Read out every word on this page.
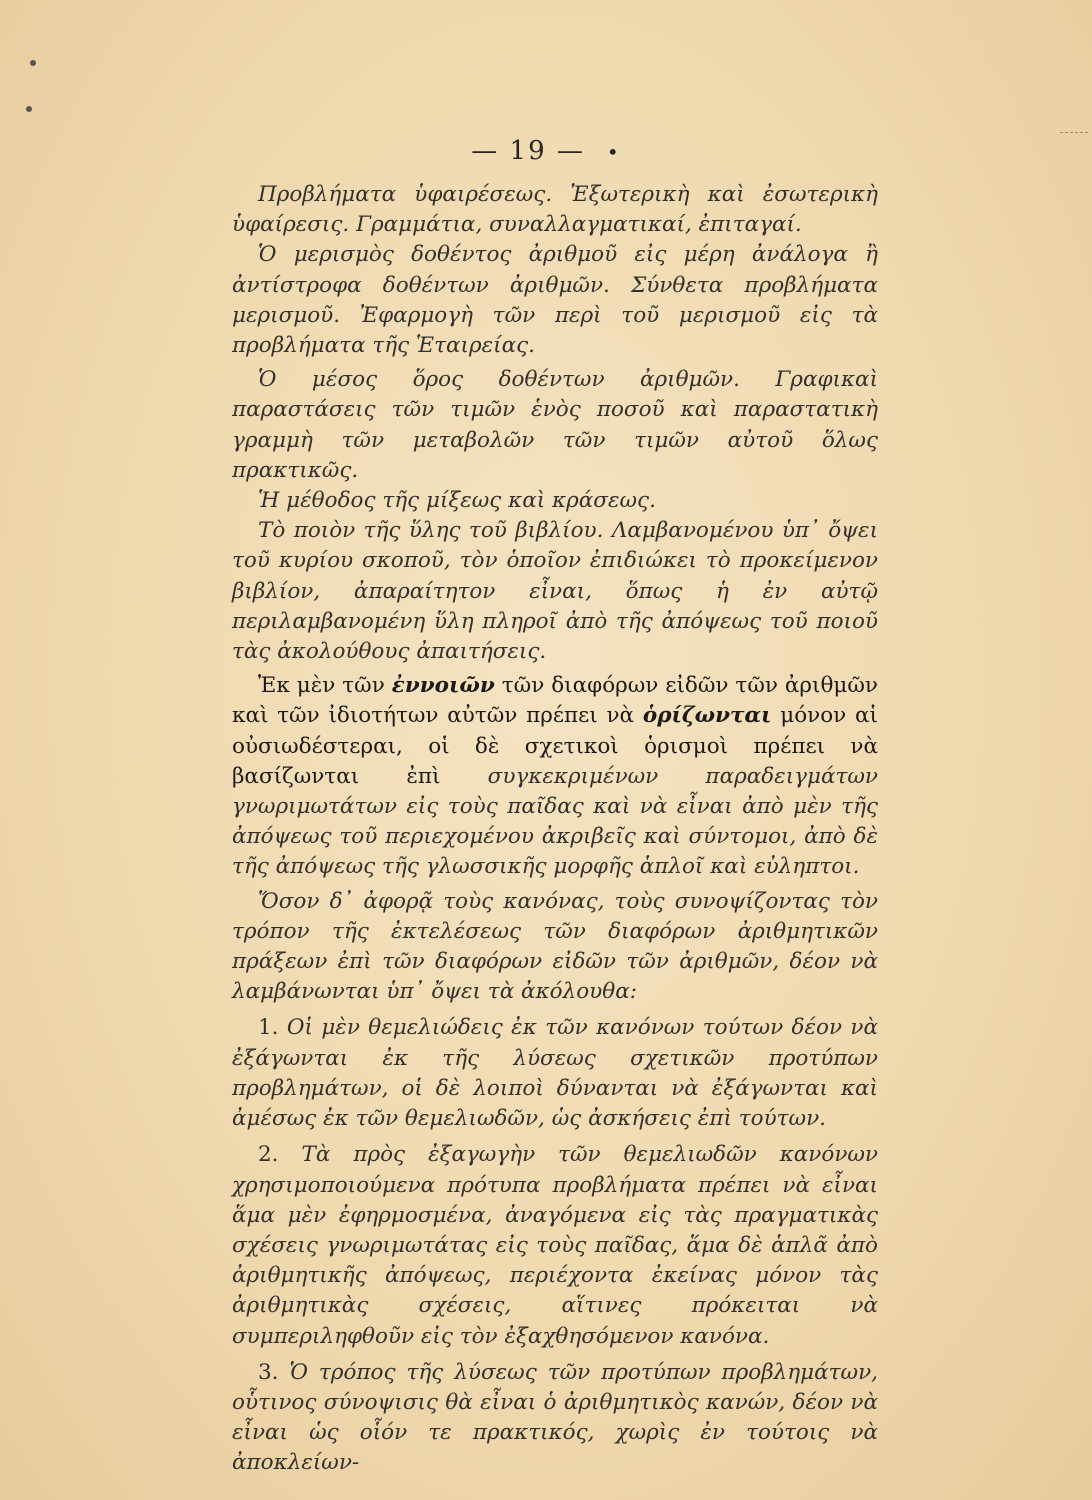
— 19 — •

Προβλήματα ὑφαιρέσεως. Ἐξωτερικὴ καὶ ἐσωτερικὴ ὑφαίρεσις. Γραμμάτια, συναλλαγματικαί, ἐπιταγαί.

Ὁ μερισμὸς δοθέντος ἀριθμοῦ εἰς μέρη ἀνάλογα ἢ ἀντίστροφα δοθέντων ἀριθμῶν. Σύνθετα προβλήματα μερισμοῦ. Ἐφαρμογὴ τῶν περὶ τοῦ μερισμοῦ εἰς τὰ προβλήματα τῆς Ἑταιρείας.

Ὁ μέσος ὅρος δοθέντων ἀριθμῶν. Γραφικαὶ παραστάσεις τῶν τιμῶν ἑνὸς ποσοῦ καὶ παραστατικὴ γραμμὴ τῶν μεταβολῶν τῶν τιμῶν αὐτοῦ ὅλως πρακτικῶς.

Ἡ μέθοδος τῆς μίξεως καὶ κράσεως.

Τὸ ποιὸν τῆς ὕλης τοῦ βιβλίου. Λαμβανομένου ὑπ᾽ ὄψει τοῦ κυρίου σκοποῦ, τὸν ὁποῖον ἐπιδιώκει τὸ προκείμενον βιβλίον, ἀπαραίτητον εἶναι, ὅπως ἡ ἐν αὐτῷ περιλαμβανομένη ὕλη πληροῖ ἀπὸ τῆς ἀπόψεως τοῦ ποιοῦ τὰς ἀκολούθους ἀπαιτήσεις.

Ἐκ μὲν τῶν ἐννοιῶν τῶν διαφόρων εἰδῶν τῶν ἀριθμῶν καὶ τῶν ἰδιοτήτων αὐτῶν πρέπει νὰ ὁρίζωνται μόνον αἱ οὐσιωδέστεραι, οἱ δὲ σχετικοὶ ὁρισμοὶ πρέπει νὰ βασίζωνται ἐπὶ συγκεκριμένων παραδειγμάτων γνωριμωτάτων εἰς τοὺς παῖδας καὶ νὰ εἶναι ἀπὸ μὲν τῆς ἀπόψεως τοῦ περιεχομένου ἀκριβεῖς καὶ σύντομοι, ἀπὸ δὲ τῆς ἀπόψεως τῆς γλωσσικῆς μορφῆς ἁπλοῖ καὶ εὐληπτοι.

Ὅσον δ᾽ ἀφορᾷ τοὺς κανόνας, τοὺς συνοψίζοντας τὸν τρόπον τῆς ἐκτελέσεως τῶν διαφόρων ἀριθμητικῶν πράξεων ἐπὶ τῶν διαφόρων εἰδῶν τῶν ἀριθμῶν, δέον νὰ λαμβάνωνται ὑπ᾽ ὄψει τὰ ἀκόλουθα:

1. Οἱ μὲν θεμελιώδεις ἐκ τῶν κανόνων τούτων δέον νὰ ἐξάγωνται ἐκ τῆς λύσεως σχετικῶν προτύπων προβλημάτων, οἱ δὲ λοιποὶ δύνανται νὰ ἐξάγωνται καὶ ἀμέσως ἐκ τῶν θεμελιωδῶν, ὡς ἀσκήσεις ἐπὶ τούτων.

2. Τὰ πρὸς ἐξαγωγὴν τῶν θεμελιωδῶν κανόνων χρησιμοποιούμενα πρότυπα προβλήματα πρέπει νὰ εἶναι ἅμα μὲν ἐφηρμοσμένα, ἀναγόμενα εἰς τὰς πραγματικὰς σχέσεις γνωριμωτάτας εἰς τοὺς παῖδας, ἅμα δὲ ἁπλᾶ ἀπὸ ἀριθμητικῆς ἀπόψεως, περιέχοντα ἐκείνας μόνον τὰς ἀριθμητικὰς σχέσεις, αἵτινες πρόκειται νὰ συμπεριληφθοῦν εἰς τὸν ἐξαχθησόμενον κανόνα.

3. Ὁ τρόπος τῆς λύσεως τῶν προτύπων προβλημάτων, οὗτινος σύνοψισις θὰ εἶναι ὁ ἀριθμητικὸς κανών, δέον νὰ εἶναι ὡς οἷόν τε πρακτικός, χωρὶς ἐν τούτοις νὰ ἀποκλείων-
